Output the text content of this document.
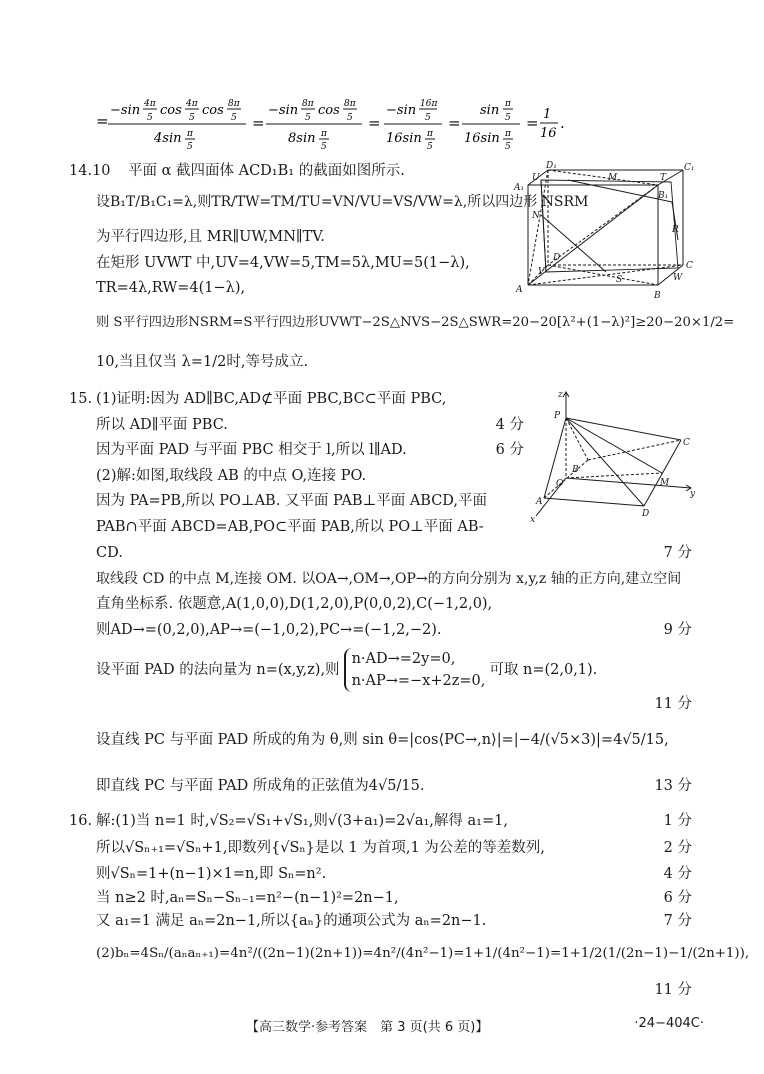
=
−sin 4π
5 cos 4π
5 cos 8π
5
4sin π
5
=
−sin 8π
5 cos 8π
5
8sin π
5
=
−sin 16π
5
16sin π
5
=
sin π
5
16sin π
5
= 1
16
.
14.10 平面 α 截四面体 ACD₁B₁ 的截面如图所示.
设B₁T/B₁C₁=λ,则TR/TW=TM/TU=VN/VU=VS/VW=λ,所以四边形 NSRM
为平行四边形,且 MR∥UW,MN∥TV.
在矩形 UVWT 中,UV=4,VW=5,TM=5λ,MU=5(1−λ),
TR=4λ,RW=4(1−λ),
则 S平行四边形NSRM=S平行四边形UVWT−2S△NVS−2S△SWR=20−20[λ²+(1−λ)²]≥20−20×1/2=
10,当且仅当 λ=1/2时,等号成立.
D₁
U	M	T
C₁
A₁
B₁
N
R
D
V
C
S	W
A
B
15. (1)证明:因为 AD∥BC,AD⊄平面 PBC,BC⊂平面 PBC,
所以 AD∥平面 PBC.	4 分
因为平面 PAD 与平面 PBC 相交于 l,所以 l∥AD.	6 分
(2)解:如图,取线段 AB 的中点 O,连接 PO.
因为 PA=PB,所以 PO⊥AB. 又平面 PAB⊥平面 ABCD,平面
PAB∩平面 ABCD=AB,PO⊂平面 PAB,所以 PO⊥平面 AB-
CD.	7 分
取线段 CD 的中点 M,连接 OM. 以OA→,OM→,OP→的方向分别为 x,y,z 轴的正方向,建立空间
直角坐标系. 依题意,A(1,0,0),D(1,2,0),P(0,0,2),C(−1,2,0),
则AD→=(0,2,0),AP→=(−1,0,2),PC→=(−1,2,−2).	9 分
设平面 PAD 的法向量为 n=(x,y,z),则
n·AD→=2y=0,
n·AP→=−x+2z=0,
可取 n=(2,0,1).
11 分
设直线 PC 与平面 PAD 所成的角为 θ,则 sin θ=|cos⟨PC→,n⟩|=|−4/(√5×3)|=4√5/15,
即直线 PC 与平面 PAD 所成角的正弦值为4√5/15.	13 分
z
P
B
O
C
A
M
D
x
y
16. 解:(1)当 n=1 时,√S₂=√S₁+√S₁,则√(3+a₁)=2√a₁,解得 a₁=1,	1 分
所以√Sₙ₊₁=√Sₙ+1,即数列{√Sₙ}是以 1 为首项,1 为公差的等差数列,	2 分
则√Sₙ=1+(n−1)×1=n,即 Sₙ=n².	4 分
当 n≥2 时,aₙ=Sₙ−Sₙ₋₁=n²−(n−1)²=2n−1,	6 分
又 a₁=1 满足 aₙ=2n−1,所以{aₙ}的通项公式为 aₙ=2n−1.	7 分
(2)bₙ=4Sₙ/(aₙaₙ₊₁)=4n²/((2n−1)(2n+1))=4n²/(4n²−1)=1+1/(4n²−1)=1+1/2(1/(2n−1)−1/(2n+1)),
11 分
【高三数学·参考答案　第 3 页(共 6 页)】	·24−404C·
